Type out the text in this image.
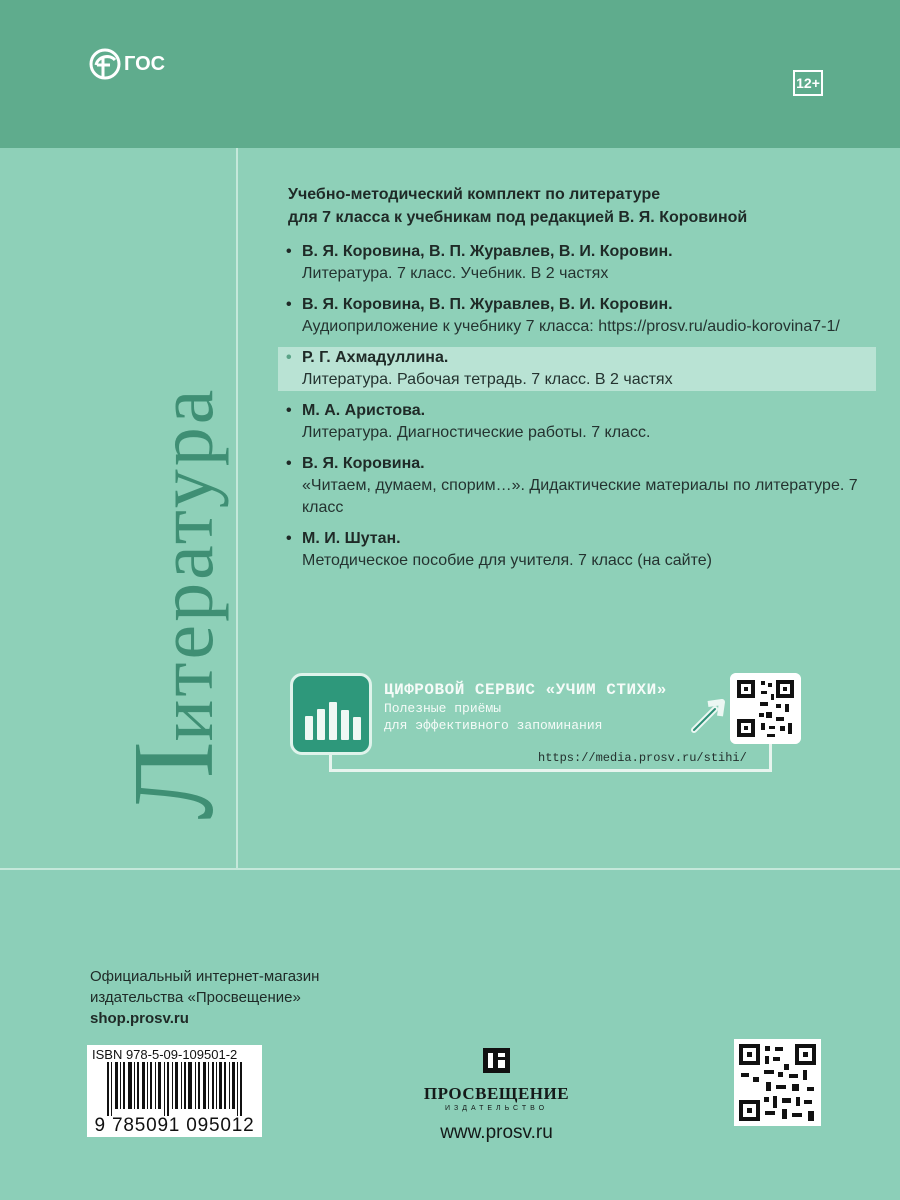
ГОС
12+
Литература
Учебно-методический комплект по литературе
для 7 класса к учебникам под редакцией В. Я. Коровиной
• В. Я. Коровина, В. П. Журавлев, В. И. Коровин.
Литература. 7 класс. Учебник. В 2 частях
• В. Я. Коровина, В. П. Журавлев, В. И. Коровин.
Аудиоприложение к учебнику 7 класса: https://prosv.ru/audio-korovina7-1/
• Р. Г. Ахмадуллина.
Литература. Рабочая тетрадь. 7 класс. В 2 частях
• М. А. Аристова.
Литература. Диагностические работы. 7 класс.
• В. Я. Коровина.
«Читаем, думаем, спорим…». Дидактические материалы по литературе. 7 класс
• М. И. Шутан.
Методическое пособие для учителя. 7 класс (на сайте)
ЦИФРОВОЙ СЕРВИС «УЧИМ СТИХИ»
Полезные приёмы
для эффективного запоминания
https://media.prosv.ru/stihi/
Официальный интернет-магазин
издательства «Просвещение»
shop.prosv.ru
ISBN 978-5-09-109501-2
9 785091 095012
ПРОСВЕЩЕНИЕ
ИЗДАТЕЛЬСТВО
www.prosv.ru
